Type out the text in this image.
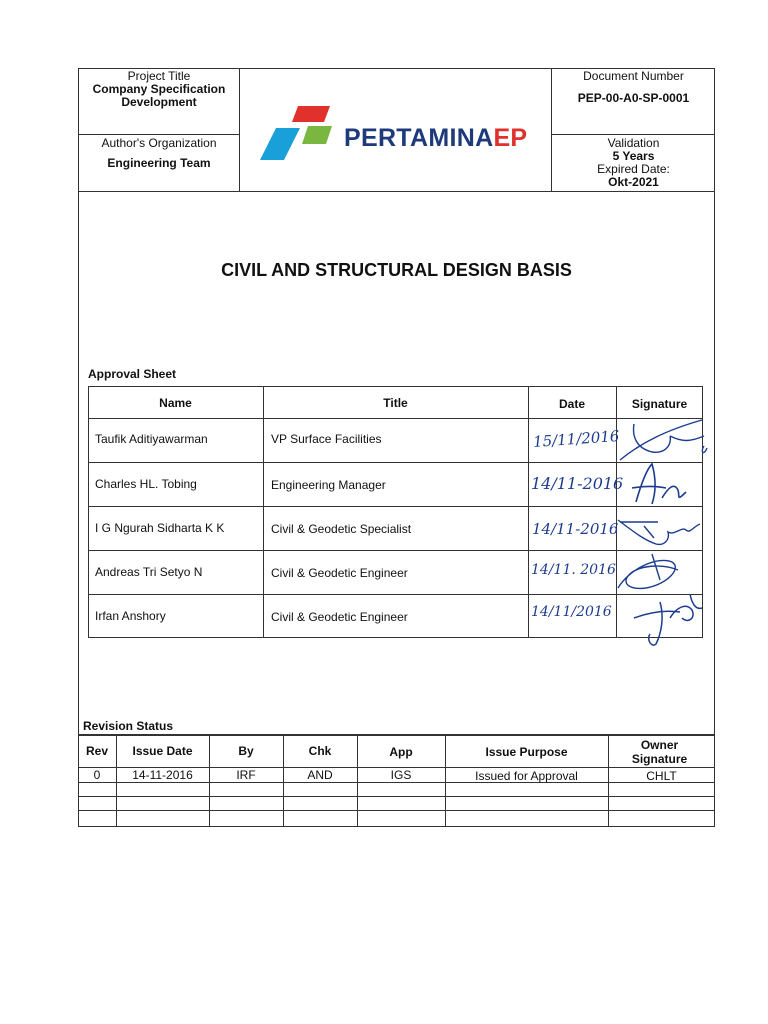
Project Title
Company Specification
Development
Author's Organization
Engineering Team
PERTAMINAEP
Document Number
PEP-00-A0-SP-0001
Validation
5 Years
Expired Date:
Okt-2021
CIVIL AND STRUCTURAL DESIGN BASIS
Approval Sheet
Name	Title	Date	Signature
Taufik Aditiyawarman	VP Surface Facilities	15/11/2016
Charles HL. Tobing	Engineering Manager	14/11-2016
I G Ngurah Sidharta K K	Civil & Geodetic Specialist	14/11-2016
Andreas Tri Setyo N	Civil & Geodetic Engineer	14/11. 2016
Irfan Anshory	Civil & Geodetic Engineer	14/11/2016
Revision Status
Rev	Issue Date	By	Chk	App	Issue Purpose	Owner Signature
0	14-11-2016	IRF	AND	IGS	Issued for Approval	CHLT
